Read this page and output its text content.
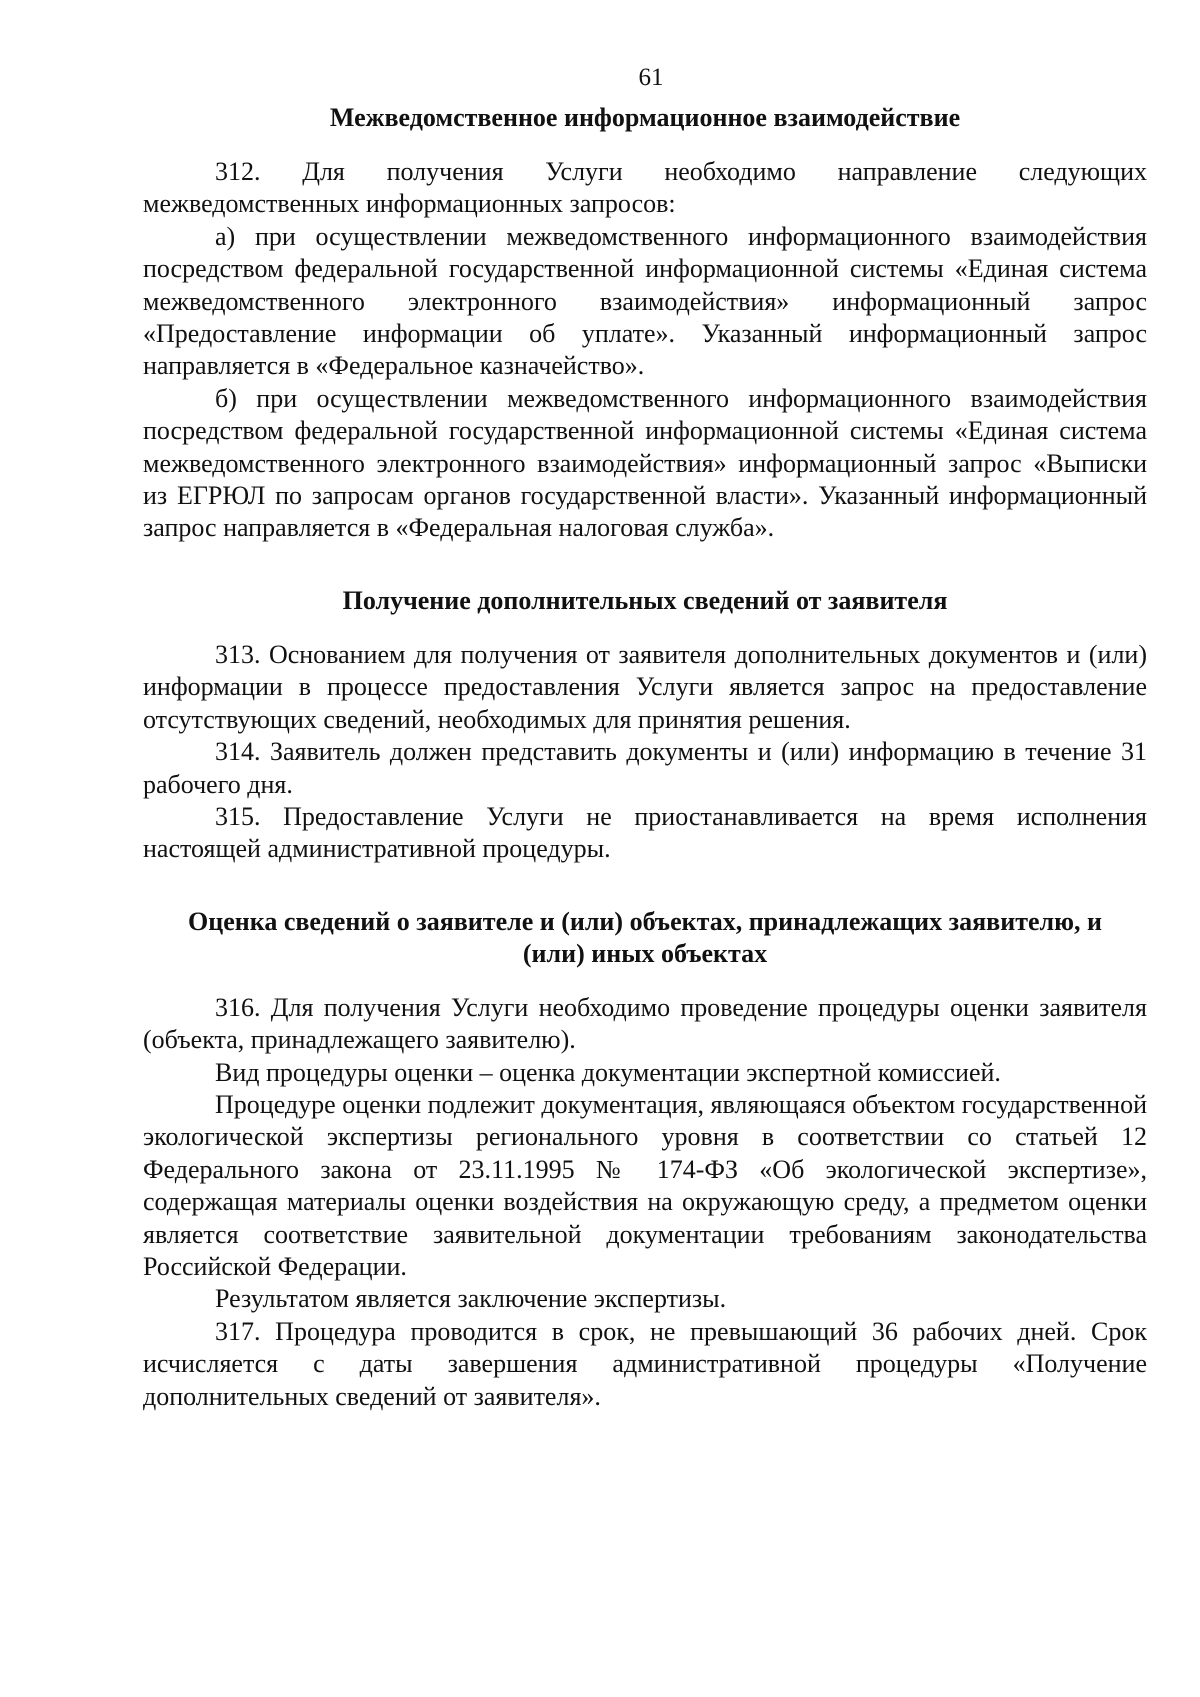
61
Межведомственное информационное взаимодействие

312. Для получения Услуги необходимо направление следующих межведомственных информационных запросов:

а) при осуществлении межведомственного информационного взаимодействия посредством федеральной государственной информационной системы «Единая система межведомственного электронного взаимодействия» информационный запрос «Предоставление информации об уплате». Указанный информационный запрос направляется в «Федеральное казначейство».

б) при осуществлении межведомственного информационного взаимодействия посредством федеральной государственной информационной системы «Единая система межведомственного электронного взаимодействия» информационный запрос «Выписки из ЕГРЮЛ по запросам органов государственной власти». Указанный информационный запрос направляется в «Федеральная налоговая служба».

Получение дополнительных сведений от заявителя

313. Основанием для получения от заявителя дополнительных документов и (или) информации в процессе предоставления Услуги является запрос на предоставление отсутствующих сведений, необходимых для принятия решения.

314. Заявитель должен представить документы и (или) информацию в течение 31 рабочего дня.

315. Предоставление Услуги не приостанавливается на время исполнения настоящей административной процедуры.

Оценка сведений о заявителе и (или) объектах, принадлежащих заявителю, и
(или) иных объектах

316. Для получения Услуги необходимо проведение процедуры оценки заявителя (объекта, принадлежащего заявителю).

Вид процедуры оценки – оценка документации экспертной комиссией.

Процедуре оценки подлежит документация, являющаяся объектом государственной экологической экспертизы регионального уровня в соответствии со статьей 12 Федерального закона от 23.11.1995 № 174-ФЗ «Об экологической экспертизе», содержащая материалы оценки воздействия на окружающую среду, а предметом оценки является соответствие заявительной документации требованиям законодательства Российской Федерации.

Результатом является заключение экспертизы.

317. Процедура проводится в срок, не превышающий 36 рабочих дней. Срок исчисляется с даты завершения административной процедуры «Получение дополнительных сведений от заявителя».
